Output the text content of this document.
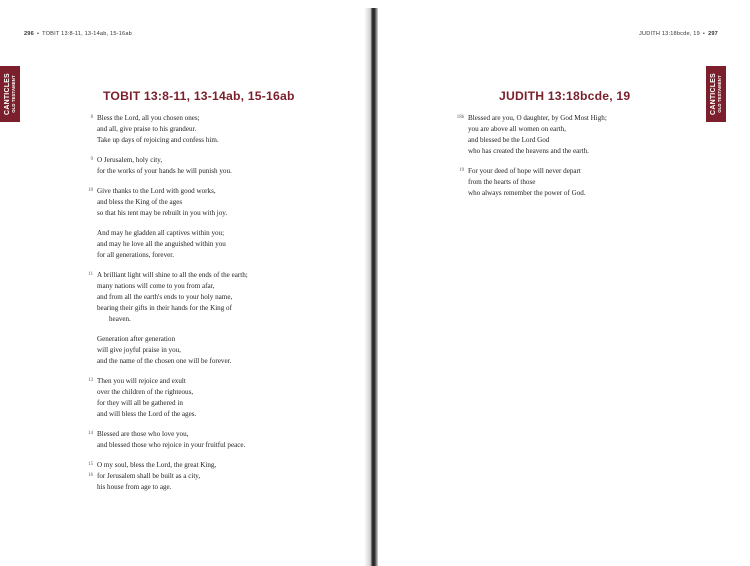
296 • TOBIT 13:8-11, 13-14ab, 15-16ab
CANTICLES OLD TESTAMENT	TOBIT 13:8-11, 13-14ab, 15-16ab
8 Bless the Lord, all you chosen ones;
and all, give praise to his grandeur.
Take up days of rejoicing and confess him.
9 O Jerusalem, holy city,
for the works of your hands he will punish you.
10 Give thanks to the Lord with good works,
and bless the King of the ages
so that his tent may be rebuilt in you with joy.
And may he gladden all captives within you;
and may he love all the anguished within you
for all generations, forever.
11 A brilliant light will shine to all the ends of the earth;
many nations will come to you from afar,
and from all the earth's ends to your holy name,
bearing their gifts in their hands for the King of
heaven.
Generation after generation
will give joyful praise in you,
and the name of the chosen one will be forever.
13 Then you will rejoice and exult
over the children of the righteous,
for they will all be gathered in
and will bless the Lord of the ages.
14 Blessed are those who love you,
and blessed those who rejoice in your fruitful peace.
15
16
O my soul, bless the Lord, the great King,
for Jerusalem shall be built as a city,
his house from age to age.
JUDITH 13:18bcde, 19 • 297
CANTICLES OLD TESTAMENT
JUDITH 13:18bcde, 19
18b Blessed are you, O daughter, by God Most High;
you are above all women on earth,
and blessed be the Lord God
who has created the heavens and the earth.
19 For your deed of hope will never depart
from the hearts of those
who always remember the power of God.
